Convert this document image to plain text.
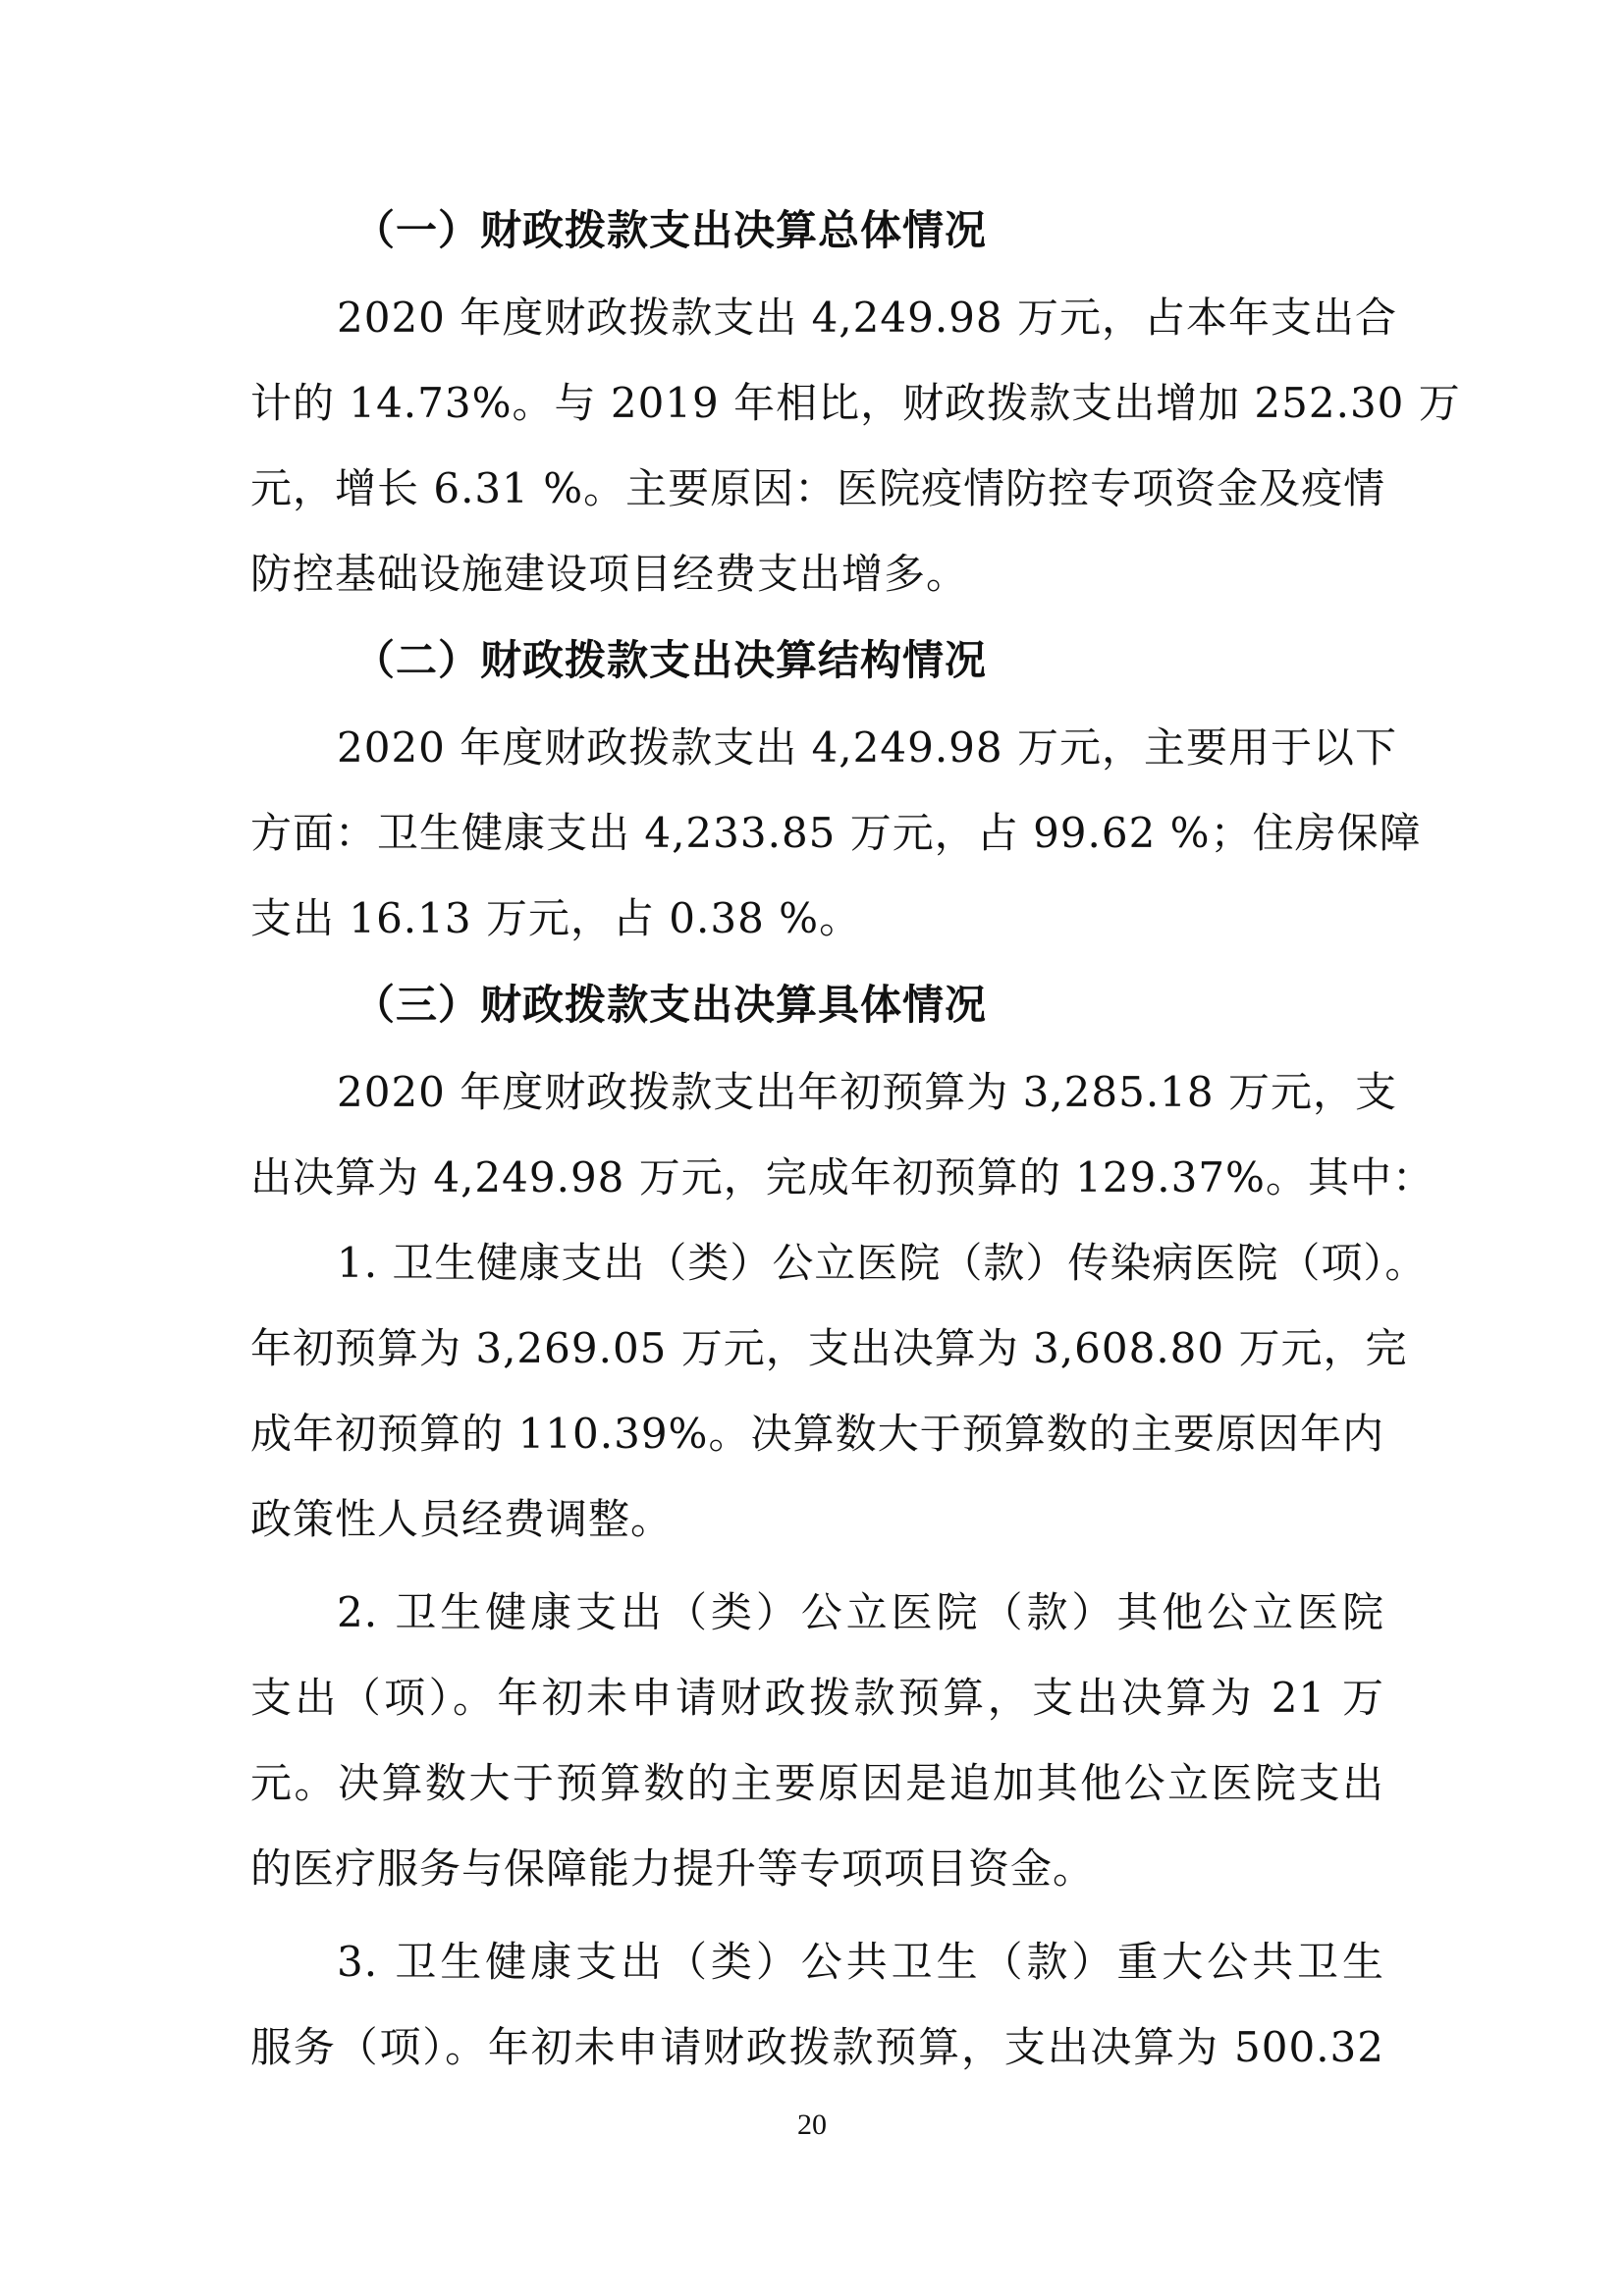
（一）财政拨款支出决算总体情况
2020 年度财政拨款支出 4,249.98 万元，占本年支出合
计的 14.73%。与 2019 年相比，财政拨款支出增加 252.30 万
元，增长 6.31 %。主要原因：医院疫情防控专项资金及疫情
防控基础设施建设项目经费支出增多。
（二）财政拨款支出决算结构情况
2020 年度财政拨款支出 4,249.98 万元，主要用于以下
方面：卫生健康支出 4,233.85 万元，占 99.62 %；住房保障
支出 16.13 万元，占 0.38 %。
（三）财政拨款支出决算具体情况
2020 年度财政拨款支出年初预算为 3,285.18 万元，支
出决算为 4,249.98 万元，完成年初预算的 129.37%。其中：
1. 卫生健康支出（类）公立医院（款）传染病医院（项）。
年初预算为 3,269.05 万元，支出决算为 3,608.80 万元，完
成年初预算的 110.39%。决算数大于预算数的主要原因年内
政策性人员经费调整。
2. 卫生健康支出（类）公立医院（款）其他公立医院
支出（项）。年初未申请财政拨款预算，支出决算为 21 万
元。决算数大于预算数的主要原因是追加其他公立医院支出
的医疗服务与保障能力提升等专项项目资金。
3. 卫生健康支出（类）公共卫生（款）重大公共卫生
服务（项）。年初未申请财政拨款预算，支出决算为 500.32
20
